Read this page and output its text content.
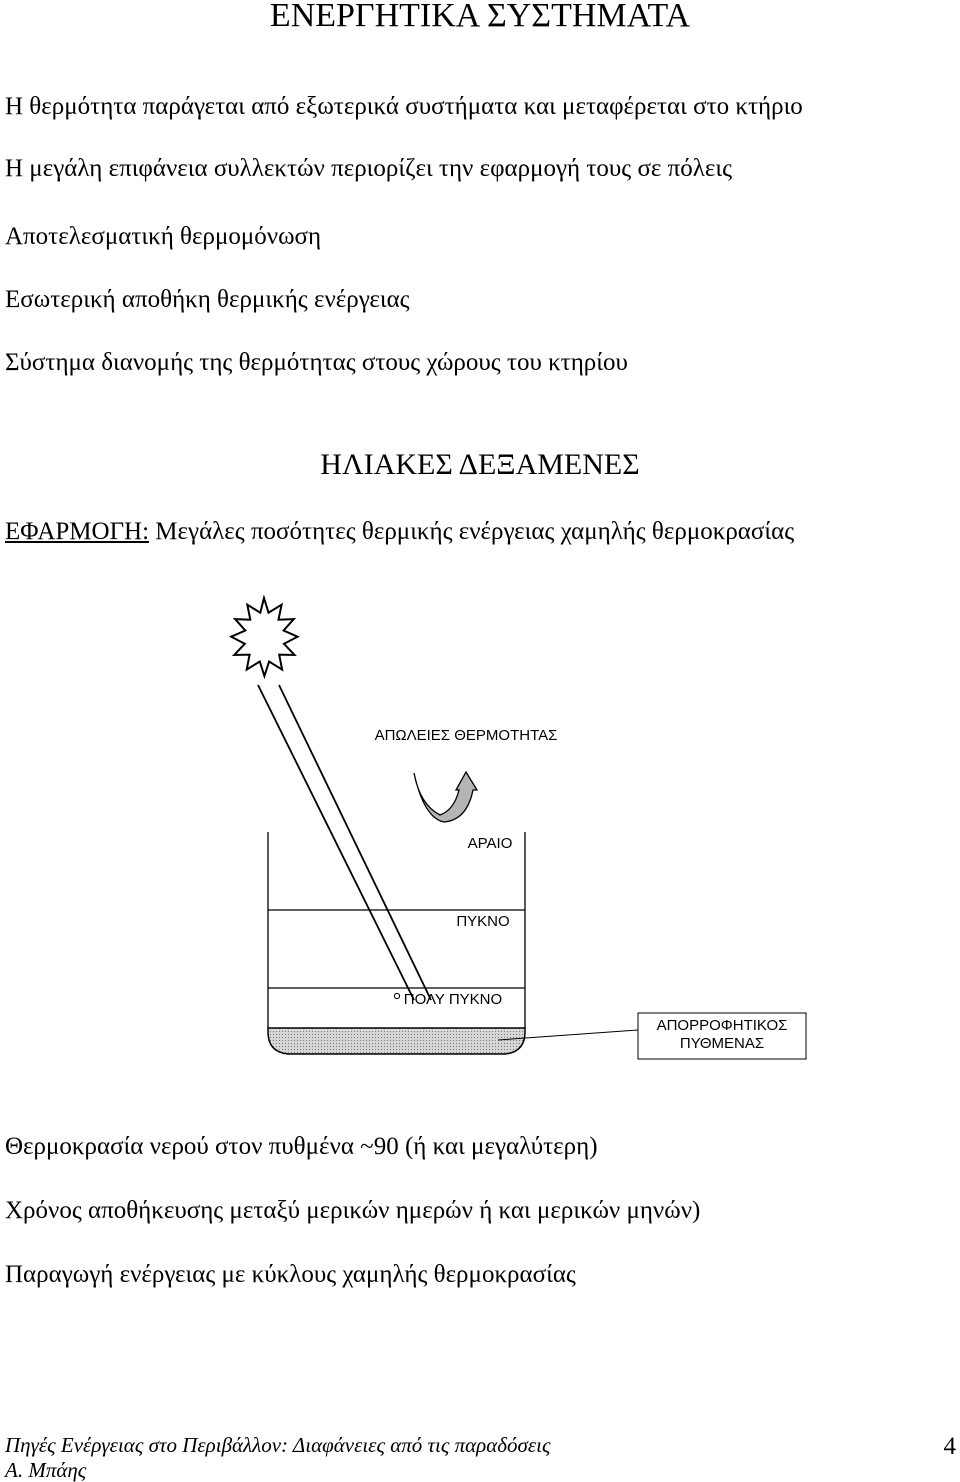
ΕΝΕΡΓΗΤΙΚΑ ΣΥΣΤΗΜΑΤΑ
Η θερμότητα παράγεται από εξωτερικά συστήματα και μεταφέρεται στο κτήριο
Η μεγάλη επιφάνεια συλλεκτών περιορίζει την εφαρμογή τους σε πόλεις
Αποτελεσματική θερμομόνωση
Εσωτερική αποθήκη θερμικής ενέργειας
Σύστημα διανομής της θερμότητας στους χώρους του κτηρίου
ΗΛΙΑΚΕΣ ΔΕΞΑΜΕΝΕΣ
ΕΦΑΡΜΟΓΗ: Μεγάλες ποσότητες θερμικής ενέργειας χαμηλής θερμοκρασίας
ΑΠΩΛΕΙΕΣ ΘΕΡΜΟΤΗΤΑΣ
ΑΡΑΙΟ
ΠΥΚΝΟ
ΠΟΛΥ ΠΥΚΝΟ
ΑΠΟΡΡΟΦΗΤΙΚΟΣ
ΠΥΘΜΕΝΑΣ
Θερμοκρασία νερού στον πυθμένα ~90 (ή και μεγαλύτερη)
Χρόνος αποθήκευσης μεταξύ μερικών ημερών ή και μερικών μηνών)
Παραγωγή ενέργειας με κύκλους χαμηλής θερμοκρασίας
Πηγές Ενέργειας στο Περιβάλλον: Διαφάνειες από τις παραδόσεις
Α. Μπάης
4
